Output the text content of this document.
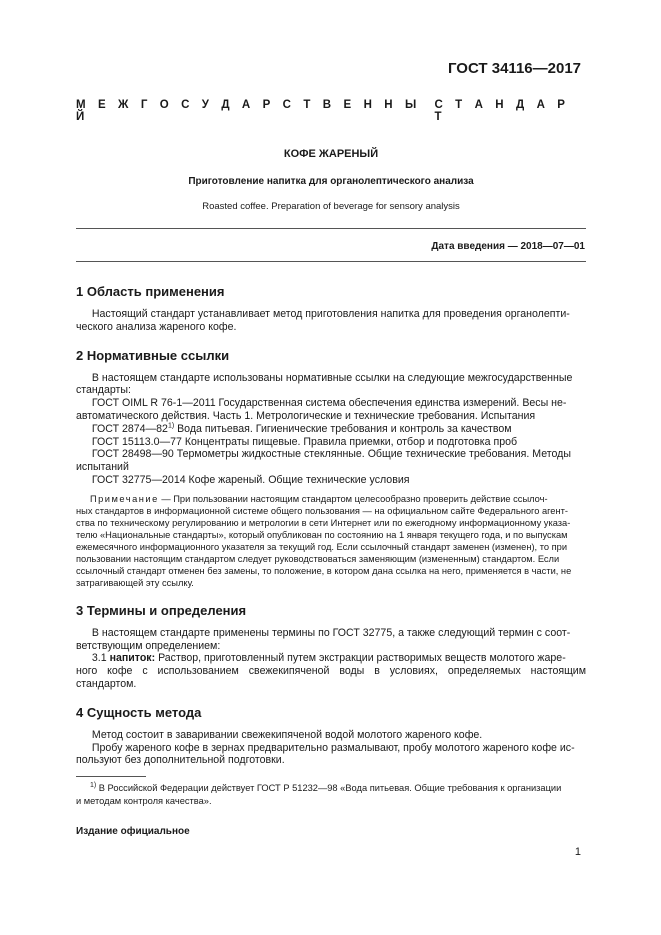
ГОСТ 34116—2017
М Е Ж Г О С У Д А Р С Т В Е Н Н Ы Й
С Т А Н Д А Р Т
КОФЕ ЖАРЕНЫЙ
Приготовление напитка для органолептического анализа
Roasted coffee. Preparation of beverage for sensory analysis
Дата введения — 2018—07—01
1 Область применения
  Настоящий стандарт устанавливает метод приготовления напитка для проведения органолепти-
ческого анализа жареного кофе.
2 Нормативные ссылки
  В настоящем стандарте использованы нормативные ссылки на следующие межгосударственные
стандарты:
  ГОСТ OIML R 76-1—2011 Государственная система обеспечения единства измерений. Весы не-
автоматического действия. Часть 1. Метрологические и технические требования. Испытания
  ГОСТ 2874—82$^{1)}$ Вода питьевая. Гигиенические требования и контроль за качеством
  ГОСТ 15113.0—77 Концентраты пищевые. Правила приемки, отбор и подготовка проб
  ГОСТ 28498—90 Термометры жидкостные стеклянные. Общие технические требования. Методы
испытаний
  ГОСТ 32775—2014 Кофе жареный. Общие технические условия
  Примечание — При пользовании настоящим стандартом целесообразно проверить действие ссылоч-
ных стандартов в информационной системе общего пользования — на официальном сайте Федерального агент-
ства по техническому регулированию и метрологии в сети Интернет или по ежегодному информационному указа-
телю «Национальные стандарты», который опубликован по состоянию на 1 января текущего года, и по выпускам
ежемесячного информационного указателя за текущий год. Если ссылочный стандарт заменен (изменен), то при
пользовании настоящим стандартом следует руководствоваться заменяющим (измененным) стандартом. Если
ссылочный стандарт отменен без замены, то положение, в котором дана ссылка на него, применяется в части, не
затрагивающей эту ссылку.
3 Термины и определения
  В настоящем стандарте применены термины по ГОСТ 32775, а также следующий термин с соот-
ветствующим определением:
  3.1 напиток: Раствор, приготовленный путем экстракции растворимых веществ молотого жаре-
ного кофе с использованием свежекипяченой воды в условиях, определяемых настоящим стандартом.
4 Сущность метода
  Метод состоит в заваривании свежекипяченой водой молотого жареного кофе.
  Пробу жареного кофе в зернах предварительно размалывают, пробу молотого жареного кофе ис-
пользуют без дополнительной подготовки.
  $^{1)}$ В Российской Федерации действует ГОСТ Р 51232—98 «Вода питьевая. Общие требования к организации
и методам контроля качества».
Издание официальное
1
